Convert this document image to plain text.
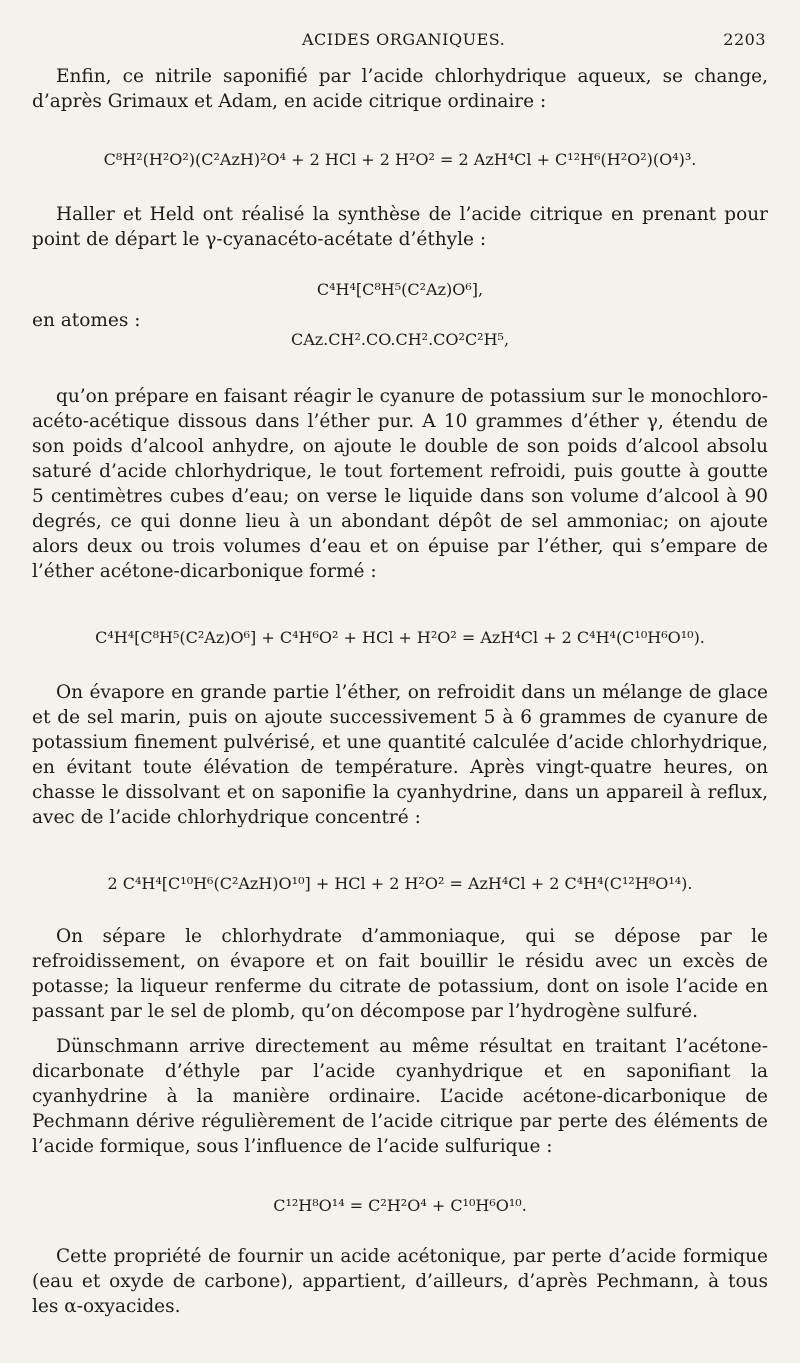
ACIDES ORGANIQUES.	2203

Enfin, ce nitrile saponifié par l’acide chlorhydrique aqueux, se change, d’après Grimaux et Adam, en acide citrique ordinaire :

C⁸H²(H²O²)(C²AzH)²O⁴ + 2 HCl + 2 H²O² = 2 AzH⁴Cl + C¹²H⁶(H²O²)(O⁴)³.

Haller et Held ont réalisé la synthèse de l’acide citrique en prenant pour point de départ le γ-cyanacéto-acétate d’éthyle :

C⁴H⁴[C⁸H⁵(C²Az)O⁶],
en atomes :
CAz.CH².CO.CH².CO²C²H⁵,

qu’on prépare en faisant réagir le cyanure de potassium sur le monochloro-acéto-acétique dissous dans l’éther pur. A 10 grammes d’éther γ, étendu de son poids d’alcool anhydre, on ajoute le double de son poids d’alcool absolu saturé d’acide chlorhydrique, le tout fortement refroidi, puis goutte à goutte 5 centimètres cubes d’eau; on verse le liquide dans son volume d’alcool à 90 degrés, ce qui donne lieu à un abondant dépôt de sel ammoniac; on ajoute alors deux ou trois volumes d’eau et on épuise par l’éther, qui s’empare de l’éther acétone-dicarbonique formé :

C⁴H⁴[C⁸H⁵(C²Az)O⁶] + C⁴H⁶O² + HCl + H²O² = AzH⁴Cl + 2 C⁴H⁴(C¹⁰H⁶O¹⁰).

On évapore en grande partie l’éther, on refroidit dans un mélange de glace et de sel marin, puis on ajoute successivement 5 à 6 grammes de cyanure de potassium finement pulvérisé, et une quantité calculée d’acide chlorhydrique, en évitant toute élévation de température. Après vingt-quatre heures, on chasse le dissolvant et on saponifie la cyanhydrine, dans un appareil à reflux, avec de l’acide chlorhydrique concentré :

2 C⁴H⁴[C¹⁰H⁶(C²AzH)O¹⁰] + HCl + 2 H²O² = AzH⁴Cl + 2 C⁴H⁴(C¹²H⁸O¹⁴).

On sépare le chlorhydrate d’ammoniaque, qui se dépose par le refroidissement, on évapore et on fait bouillir le résidu avec un excès de potasse; la liqueur renferme du citrate de potassium, dont on isole l’acide en passant par le sel de plomb, qu’on décompose par l’hydrogène sulfuré.

Dünschmann arrive directement au même résultat en traitant l’acétone-dicarbonate d’éthyle par l’acide cyanhydrique et en saponifiant la cyanhydrine à la manière ordinaire. L’acide acétone-dicarbonique de Pechmann dérive régulièrement de l’acide citrique par perte des éléments de l’acide formique, sous l’influence de l’acide sulfurique :

C¹²H⁸O¹⁴ = C²H²O⁴ + C¹⁰H⁶O¹⁰.

Cette propriété de fournir un acide acétonique, par perte d’acide formique (eau et oxyde de carbone), appartient, d’ailleurs, d’après Pechmann, à tous les α-oxyacides.
